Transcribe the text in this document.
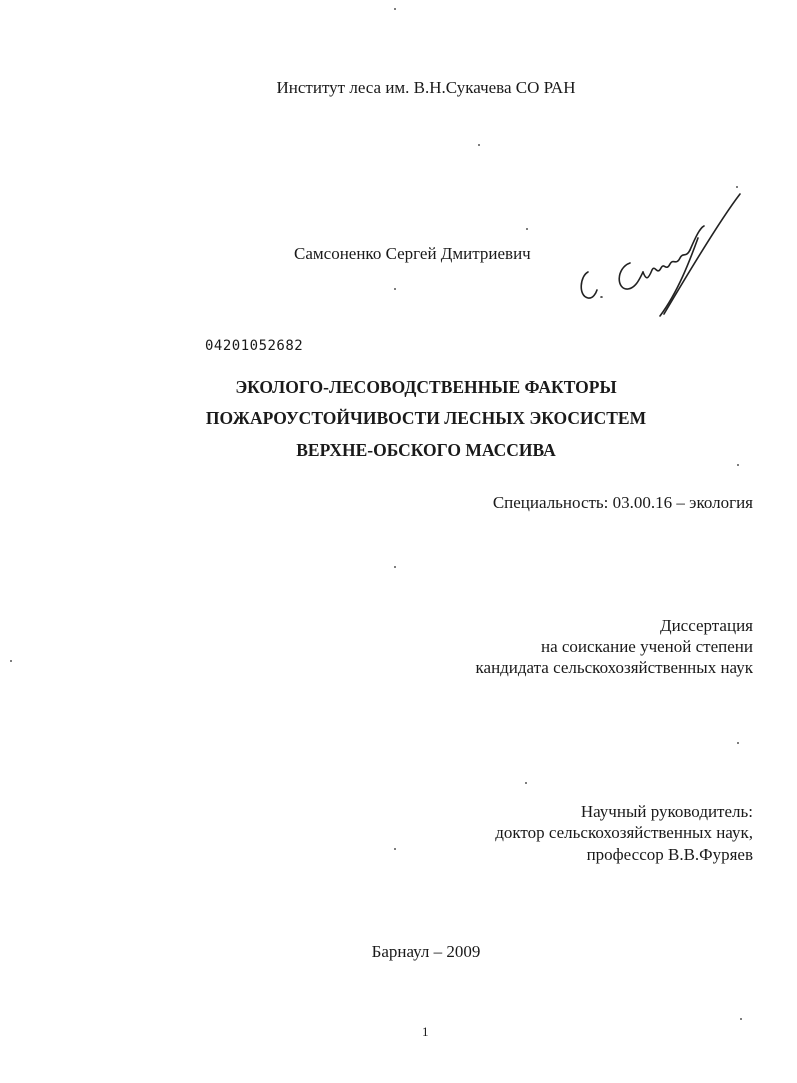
Институт леса им. В.Н.Сукачева СО РАН
Самсоненко Сергей Дмитриевич
04201052682
ЭКОЛОГО-ЛЕСОВОДСТВЕННЫЕ ФАКТОРЫ
ПОЖАРОУСТОЙЧИВОСТИ ЛЕСНЫХ ЭКОСИСТЕМ
ВЕРХНЕ-ОБСКОГО МАССИВА
Специальность: 03.00.16 – экология
Диссертация
на соискание ученой степени
кандидата сельскохозяйственных наук
Научный руководитель:
доктор сельскохозяйственных наук,
профессор В.В.Фуряев
Барнаул – 2009
1
